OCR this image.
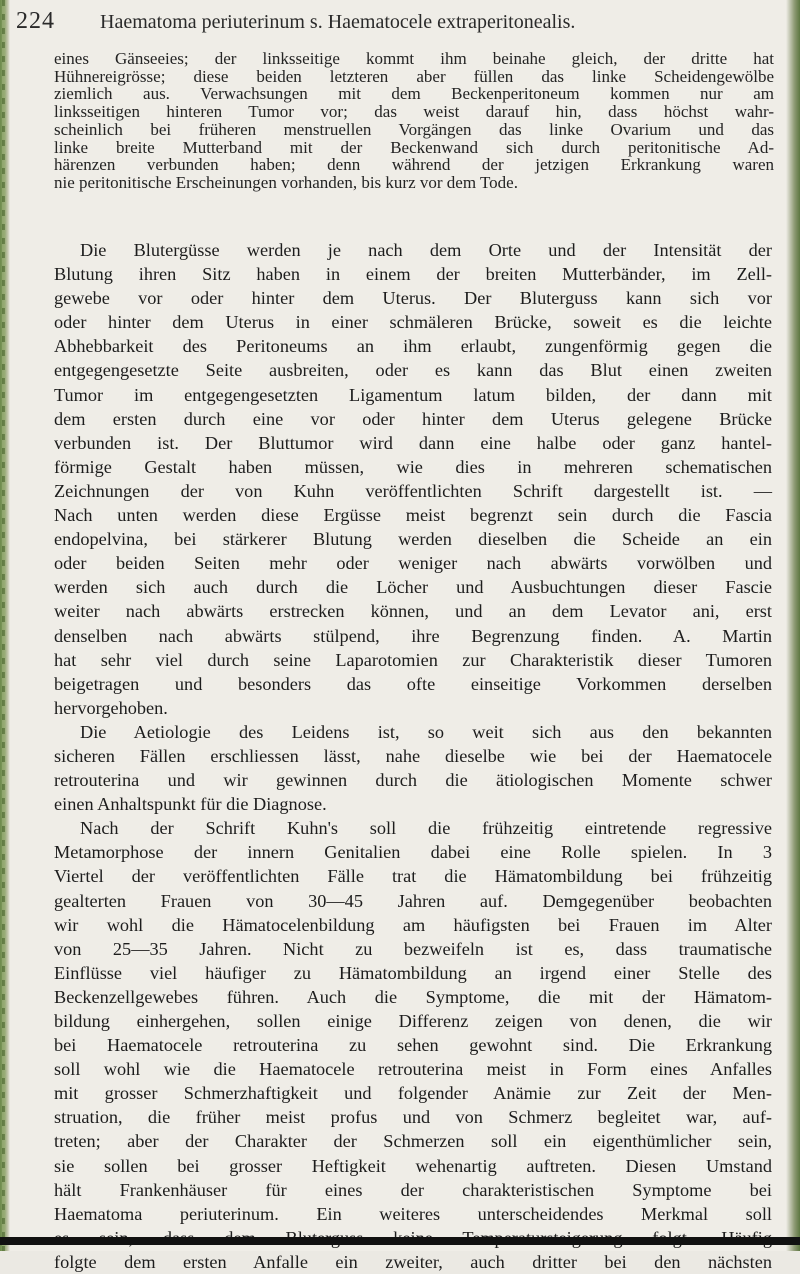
224 Haematoma periuterinum s. Haematocele extraperitonealis.
eines Gänseeies; der linksseitige kommt ihm beinahe gleich, der dritte hat
Hühnereigrösse; diese beiden letzteren aber füllen das linke Scheidengewölbe
ziemlich aus. Verwachsungen mit dem Beckenperitoneum kommen nur am
linksseitigen hinteren Tumor vor; das weist darauf hin, dass höchst wahr-
scheinlich bei früheren menstruellen Vorgängen das linke Ovarium und das
linke breite Mutterband mit der Beckenwand sich durch peritonitische Ad-
härenzen verbunden haben; denn während der jetzigen Erkrankung waren
nie peritonitische Erscheinungen vorhanden, bis kurz vor dem Tode.
Die Blutergüsse werden je nach dem Orte und der Intensität der
Blutung ihren Sitz haben in einem der breiten Mutterbänder, im Zell-
gewebe vor oder hinter dem Uterus. Der Bluterguss kann sich vor
oder hinter dem Uterus in einer schmäleren Brücke, soweit es die leichte
Abhebbarkeit des Peritoneums an ihm erlaubt, zungenförmig gegen die
entgegengesetzte Seite ausbreiten, oder es kann das Blut einen zweiten
Tumor im entgegengesetzten Ligamentum latum bilden, der dann mit
dem ersten durch eine vor oder hinter dem Uterus gelegene Brücke
verbunden ist. Der Bluttumor wird dann eine halbe oder ganz hantel-
förmige Gestalt haben müssen, wie dies in mehreren schematischen
Zeichnungen der von Kuhn veröffentlichten Schrift dargestellt ist. —
Nach unten werden diese Ergüsse meist begrenzt sein durch die Fascia
endopelvina, bei stärkerer Blutung werden dieselben die Scheide an ein
oder beiden Seiten mehr oder weniger nach abwärts vorwölben und
werden sich auch durch die Löcher und Ausbuchtungen dieser Fascie
weiter nach abwärts erstrecken können, und an dem Levator ani, erst
denselben nach abwärts stülpend, ihre Begrenzung finden. A. Martin
hat sehr viel durch seine Laparotomien zur Charakteristik dieser Tumoren
beigetragen und besonders das ofte einseitige Vorkommen derselben
hervorgehoben.
Die Aetiologie des Leidens ist, so weit sich aus den bekannten
sicheren Fällen erschliessen lässt, nahe dieselbe wie bei der Haematocele
retrouterina und wir gewinnen durch die ätiologischen Momente schwer
einen Anhaltspunkt für die Diagnose.
Nach der Schrift Kuhn's soll die frühzeitig eintretende regressive
Metamorphose der innern Genitalien dabei eine Rolle spielen. In 3
Viertel der veröffentlichten Fälle trat die Hämatombildung bei frühzeitig
gealterten Frauen von 30—45 Jahren auf. Demgegenüber beobachten
wir wohl die Hämatocelenbildung am häufigsten bei Frauen im Alter
von 25—35 Jahren. Nicht zu bezweifeln ist es, dass traumatische
Einflüsse viel häufiger zu Hämatombildung an irgend einer Stelle des
Beckenzellgewebes führen. Auch die Symptome, die mit der Hämatom-
bildung einhergehen, sollen einige Differenz zeigen von denen, die wir
bei Haematocele retrouterina zu sehen gewohnt sind. Die Erkrankung
soll wohl wie die Haematocele retrouterina meist in Form eines Anfalles
mit grosser Schmerzhaftigkeit und folgender Anämie zur Zeit der Men-
struation, die früher meist profus und von Schmerz begleitet war, auf-
treten; aber der Charakter der Schmerzen soll ein eigenthümlicher sein,
sie sollen bei grosser Heftigkeit wehenartig auftreten. Diesen Umstand
hält Frankenhäuser für eines der charakteristischen Symptome bei
Haematoma periuterinum. Ein weiteres unterscheidendes Merkmal soll
folgte dem ersten Anfalle ein zweiter, auch dritter bei den nächsten
